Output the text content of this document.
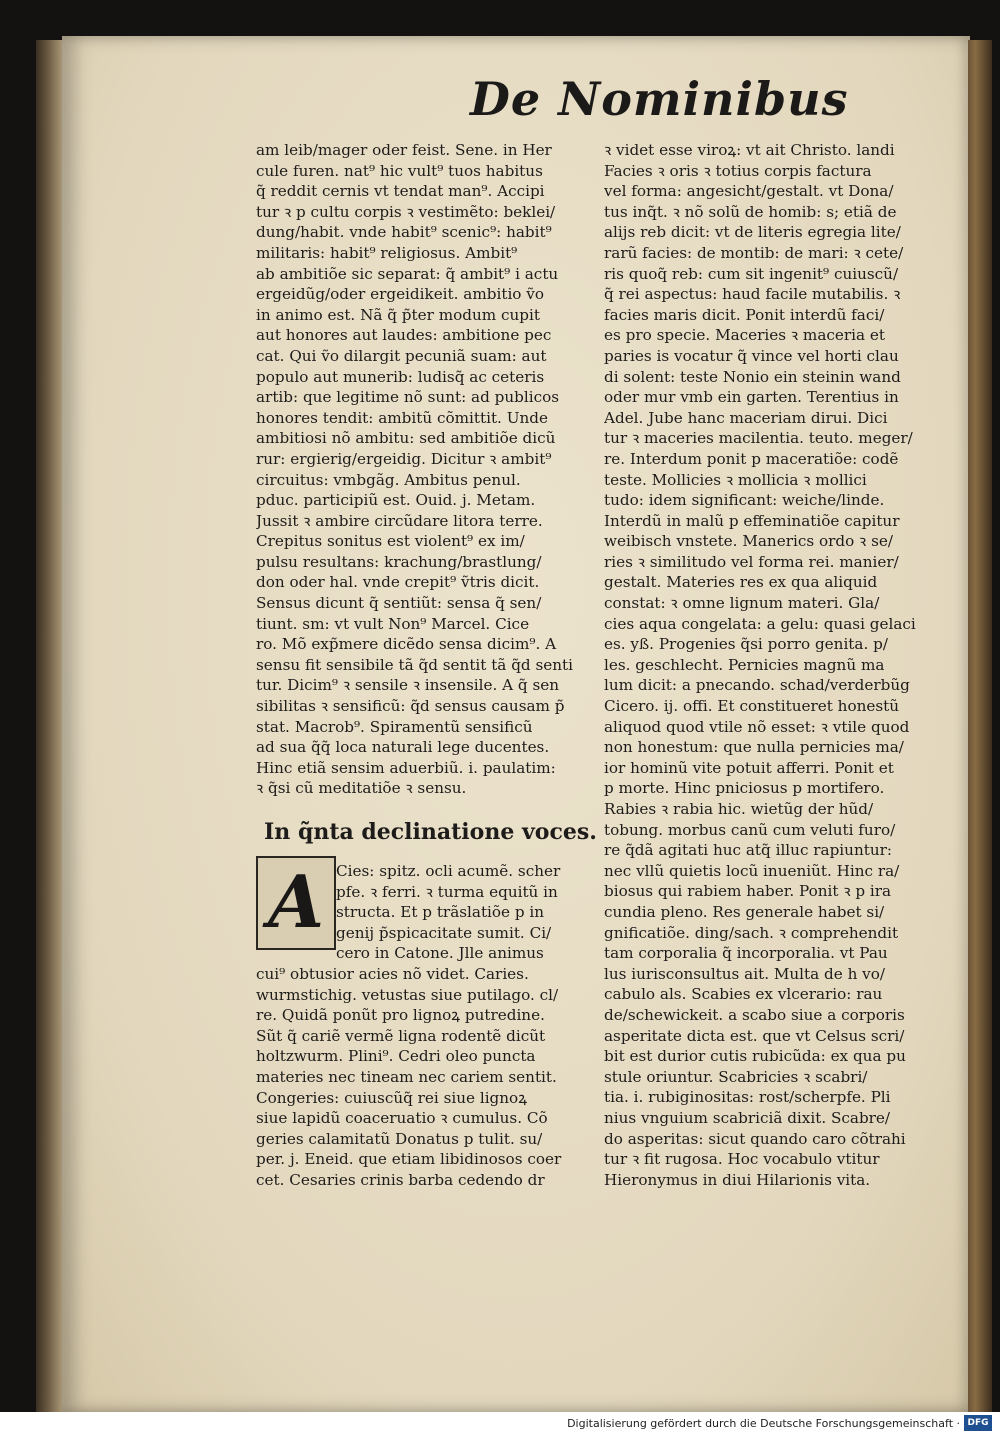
De Nominibus
am leib/mager oder feist. Sene. in Her
cule furen. nat⁹ hic vult⁹ tuos habitus
q̃ reddit cernis vt tendat man⁹. Accipi
tur ꝛ p cultu corpis ꝛ vestimẽto: beklei/
dung/habit. vnde habit⁹ scenic⁹: habit⁹
militaris: habit⁹ religiosus. Ambit⁹
ab ambitiõe sic separat: q̃ ambit⁹ i actu
ergeidũg/oder ergeidikeit. ambitio ṽo
in animo est. Nã q̃ p̃ter modum cupit
aut honores aut laudes: ambitione pec
cat. Qui ṽo dilargit pecuniã suam: aut
populo aut munerib: ludisq̃ ac ceteris
artib: que legitime nõ sunt: ad publicos
honores tendit: ambitũ cõmittit. Unde
ambitiosi nõ ambitu: sed ambitiõe dicũ
rur: ergierig/ergeidig. Dicitur ꝛ ambit⁹
circuitus: vmbgãg. Ambitus penul.
pduc. participiũ est. Ouid. j. Metam.
Jussit ꝛ ambire circũdare litora terre.
Crepitus sonitus est violent⁹ ex im/
pulsu resultans: krachung/brastlung/
don oder hal. vnde crepit⁹ ṽtris dicit.
Sensus dicunt q̃ sentiũt: sensa q̃ sen/
tiunt. sm: vt vult Non⁹ Marcel. Cice
ro. Mõ exp̃mere dicẽdo sensa dicim⁹. A
sensu fit sensibile tã q̃d sentit tã q̃d senti
tur. Dicim⁹ ꝛ sensile ꝛ insensile. A q̃ sen
sibilitas ꝛ sensificũ: q̃d sensus causam p̃
stat. Macrob⁹. Spiramentũ sensificũ
ad sua q̃q̃ loca naturali lege ducentes.
Hinc etiã sensim aduerbiũ. i. paulatim:
ꝛ q̃si cũ meditatiõe ꝛ sensu.
In q̃nta declinatione voces.
Cies: spitz. ocli acumẽ. scher
pfe. ꝛ ferri. ꝛ turma equitũ in
structa. Et p trãslatiõe p in
genij p̃spicacitate sumit. Ci/
cero in Catone. Jlle animus
cui⁹ obtusior acies nõ videt. Caries.
wurmstichig. vetustas siue putilago. cl/
re. Quidã ponũt pro lignoꝝ putredine.
Sũt q̃ cariẽ vermẽ ligna rodentẽ dicũt
holtzwurm. Plini⁹. Cedri oleo puncta
materies nec tineam nec cariem sentit.
Congeries: cuiuscũq̃ rei siue lignoꝝ
siue lapidũ coaceruatio ꝛ cumulus. Cõ
geries calamitatũ Donatus p tulit. su/
per. j. Eneid. que etiam libidinosos coer
cet. Cesaries crinis barba cedendo dr
A
ꝛ videt esse viroꝝ: vt ait Christo. landi
Facies ꝛ oris ꝛ totius corpis factura
vel forma: angesicht/gestalt. vt Dona/
tus inq̃t. ꝛ nõ solũ de homib: s; etiã de
alijs reb dicit: vt de literis egregia lite/
rarũ facies: de montib: de mari: ꝛ cete/
ris quoq̃ reb: cum sit ingenit⁹ cuiuscũ/
q̃ rei aspectus: haud facile mutabilis. ꝛ
facies maris dicit. Ponit interdũ faci/
es pro specie. Maceries ꝛ maceria et
paries is vocatur q̃ vince vel horti clau
di solent: teste Nonio ein steinin wand
oder mur vmb ein garten. Terentius in
Adel. Jube hanc maceriam dirui. Dici
tur ꝛ maceries macilentia. teuto. meger/
re. Interdum ponit p maceratiõe: codẽ
teste. Mollicies ꝛ mollicia ꝛ mollici
tudo: idem significant: weiche/linde.
Interdũ in malũ p effeminatiõe capitur
weibisch vnstete. Manerics ordo ꝛ se/
ries ꝛ similitudo vel forma rei. manier/
gestalt. Materies res ex qua aliquid
constat: ꝛ omne lignum materi. Gla/
cies aqua congelata: a gelu: quasi gelaci
es. yß. Progenies q̃si porro genita. p/
les. geschlecht. Pernicies magnũ ma
lum dicit: a pnecando. schad/verderbũg
Cicero. ij. offi. Et constitueret honestũ
aliquod quod vtile nõ esset: ꝛ vtile quod
non honestum: que nulla pernicies ma/
ior hominũ vite potuit afferri. Ponit et
p morte. Hinc pniciosus p mortifero.
Rabies ꝛ rabia hic. wietũg der hũd/
tobung. morbus canũ cum veluti furo/
re q̃dã agitati huc atq̃ illuc rapiuntur:
nec vllũ quietis locũ inueniũt. Hinc ra/
biosus qui rabiem haber. Ponit ꝛ p ira
cundia pleno. Res generale habet si/
gnificatiõe. ding/sach. ꝛ comprehendit
tam corporalia q̃ incorporalia. vt Pau
lus iurisconsultus ait. Multa de h vo/
cabulo als. Scabies ex vlcerario: rau
de/schewickeit. a scabo siue a corporis
asperitate dicta est. que vt Celsus scri/
bit est durior cutis rubicũda: ex qua pu
stule oriuntur. Scabricies ꝛ scabri/
tia. i. rubiginositas: rost/scherpfe. Pli
nius vnguium scabriciã dixit. Scabre/
do asperitas: sicut quando caro cõtrahi
tur ꝛ fit rugosa. Hoc vocabulo vtitur
Hieronymus in diui Hilarionis vita.
Digitalisierung gefördert durch die Deutsche Forschungsgemeinschaft · DFG
